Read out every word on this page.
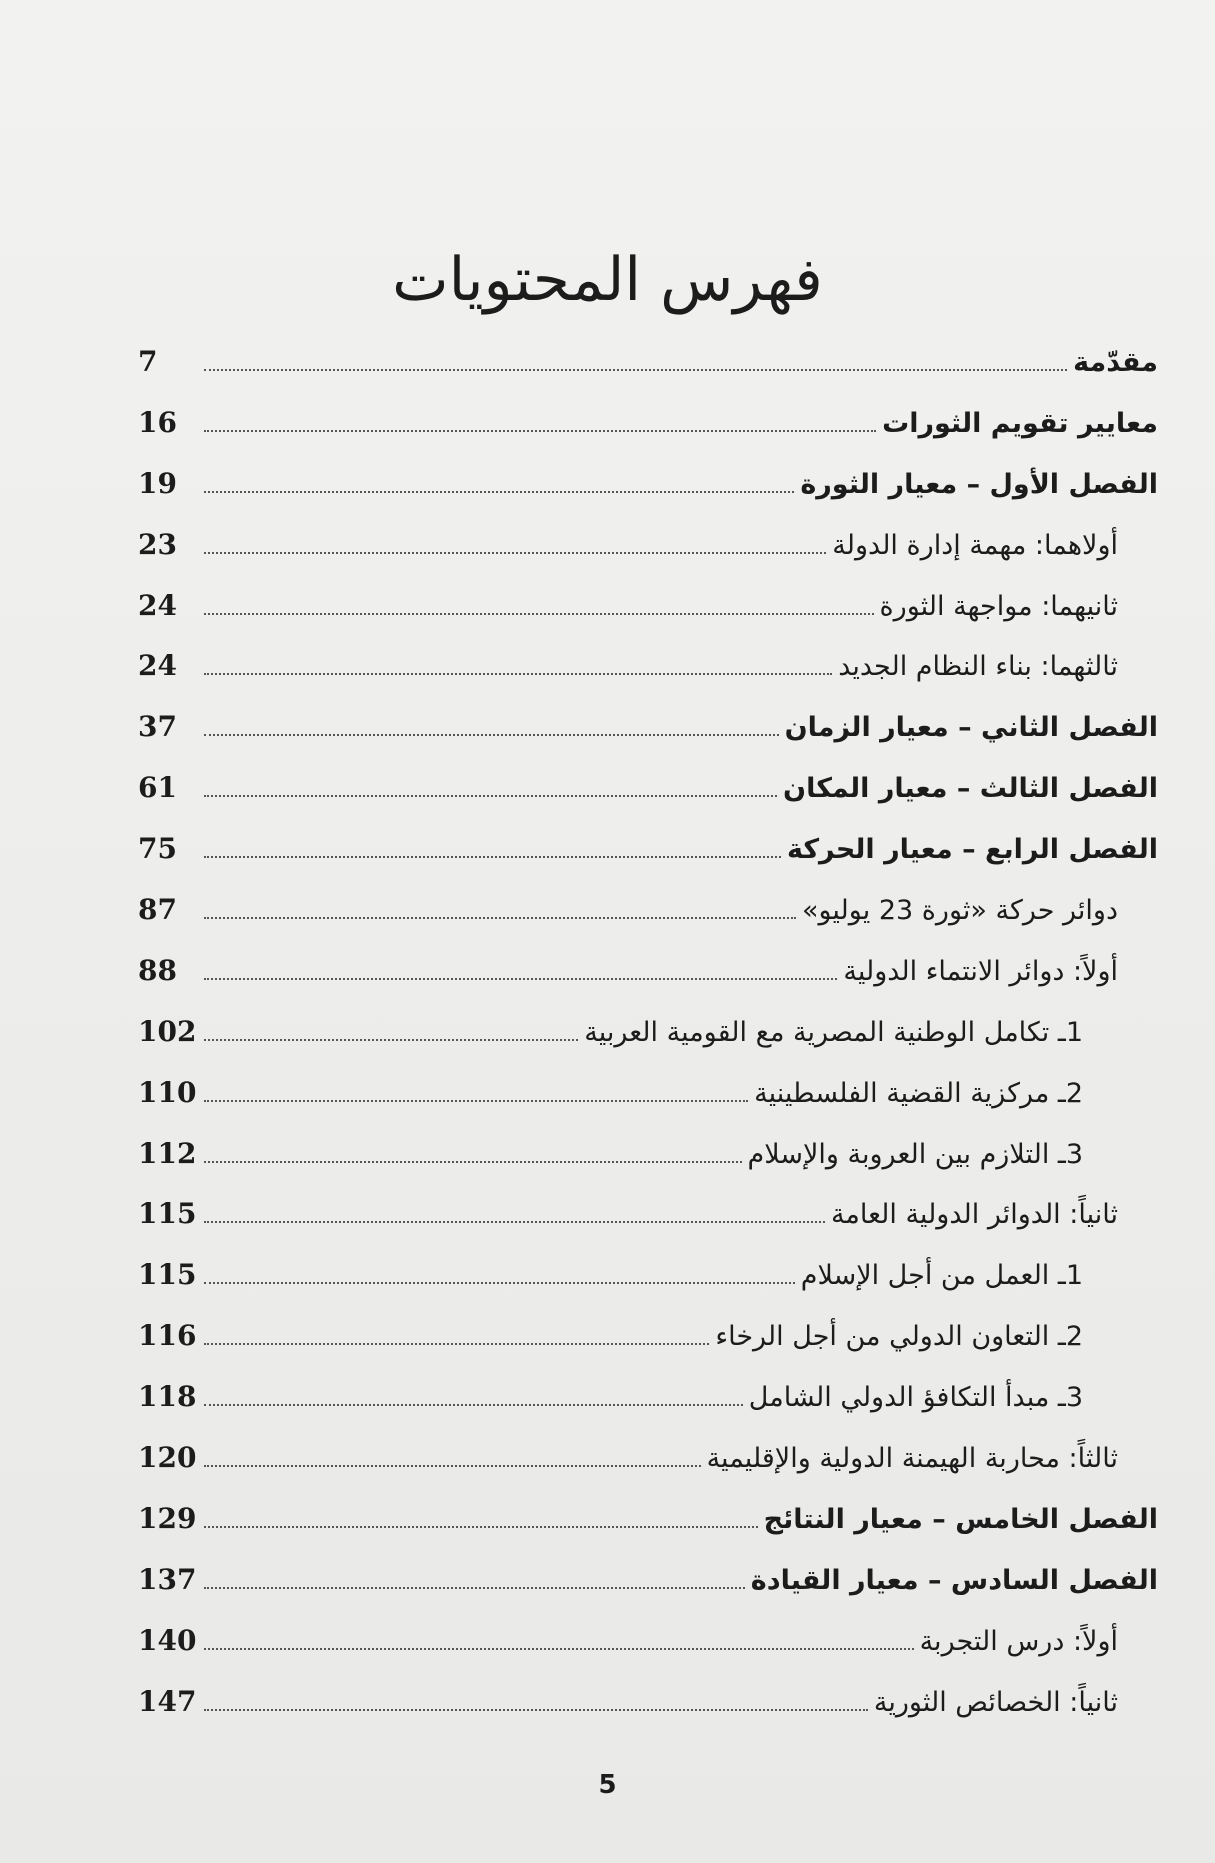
فهرس المحتويات
مقدّمة
7
معايير تقويم الثورات
16
الفصل الأول – معيار الثورة
19
أولاهما: مهمة إدارة الدولة
23
ثانيهما: مواجهة الثورة
24
ثالثهما: بناء النظام الجديد
24
الفصل الثاني – معيار الزمان
37
الفصل الثالث – معيار المكان
61
الفصل الرابع – معيار الحركة
75
دوائر حركة «ثورة 23 يوليو»
87
أولاً: دوائر الانتماء الدولية
88
1ـ تكامل الوطنية المصرية مع القومية العربية
102
2ـ مركزية القضية الفلسطينية
110
3ـ التلازم بين العروبة والإسلام
112
ثانياً: الدوائر الدولية العامة
115
1ـ العمل من أجل الإسلام
115
2ـ التعاون الدولي من أجل الرخاء
116
3ـ مبدأ التكافؤ الدولي الشامل
118
ثالثاً: محاربة الهيمنة الدولية والإقليمية
120
الفصل الخامس – معيار النتائج
129
الفصل السادس – معيار القيادة
137
أولاً: درس التجربة
140
ثانياً: الخصائص الثورية
147
5
